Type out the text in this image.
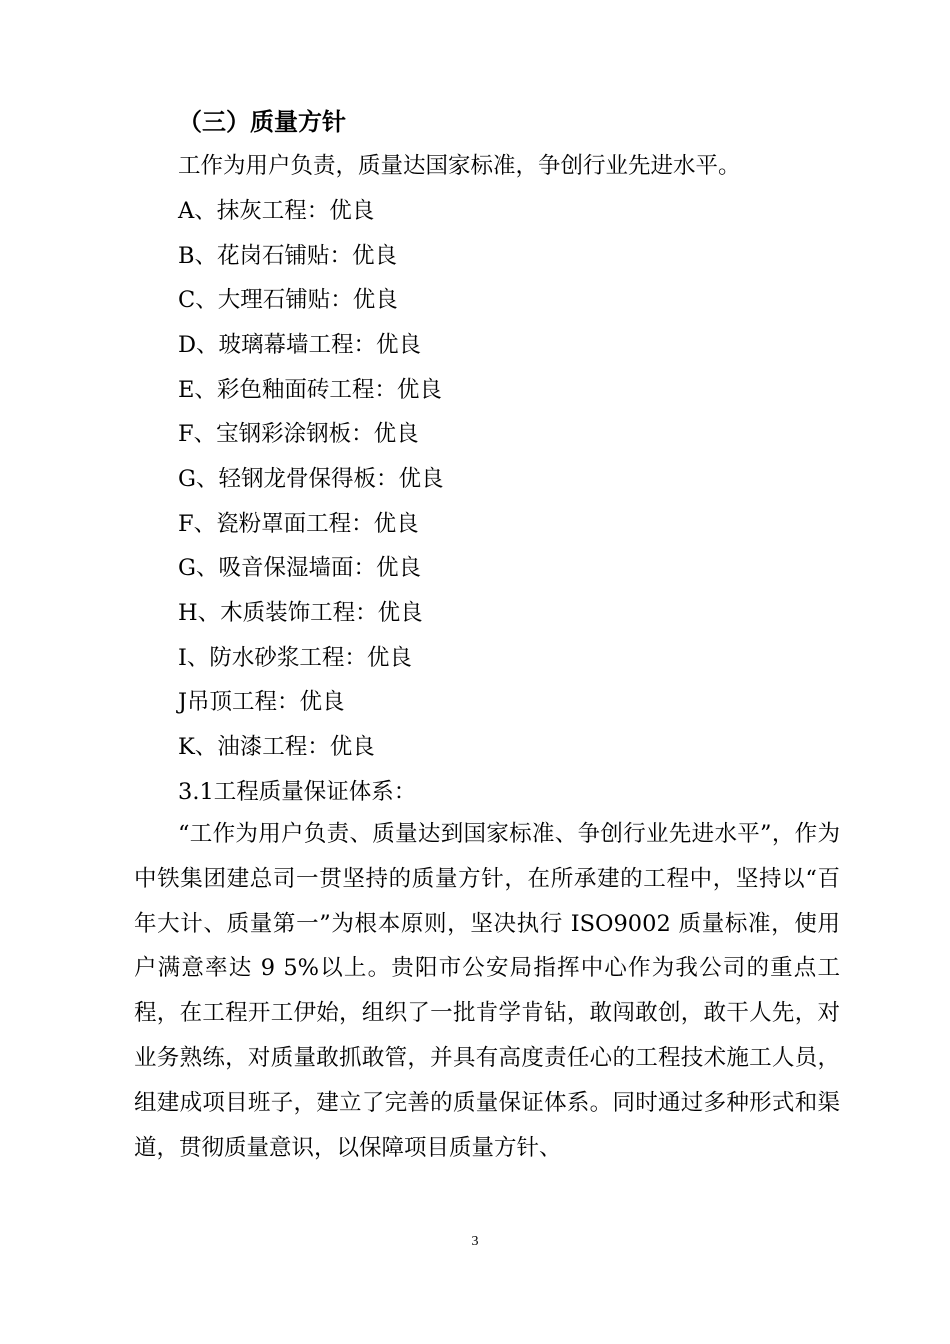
（三）质量方针
工作为用户负责，质量达国家标准，争创行业先进水平。
A、抹灰工程：优良
B、花岗石铺贴：优良
C、大理石铺贴：优良
D、玻璃幕墙工程：优良
E、彩色釉面砖工程：优良
F、宝钢彩涂钢板：优良
G、轻钢龙骨保得板：优良
F、瓷粉罩面工程：优良
G、吸音保湿墙面：优良
H、木质装饰工程：优良
I、防水砂浆工程：优良
J吊顶工程：优良
K、油漆工程：优良
3.1工程质量保证体系：
“工作为用户负责、质量达到国家标准、争创行业先进水平”，作为中铁集团建总司一贯坚持的质量方针，在所承建的工程中，坚持以“百年大计、质量第一”为根本原则，坚决执行 ISO9002 质量标准，使用户满意率达 9 5%以上。贵阳市公安局指挥中心作为我公司的重点工程，在工程开工伊始，组织了一批肯学肯钻，敢闯敢创，敢干人先，对业务熟练，对质量敢抓敢管，并具有高度责任心的工程技术施工人员，组建成项目班子，建立了完善的质量保证体系。同时通过多种形式和渠道，贯彻质量意识，以保障项目质量方针、
3
